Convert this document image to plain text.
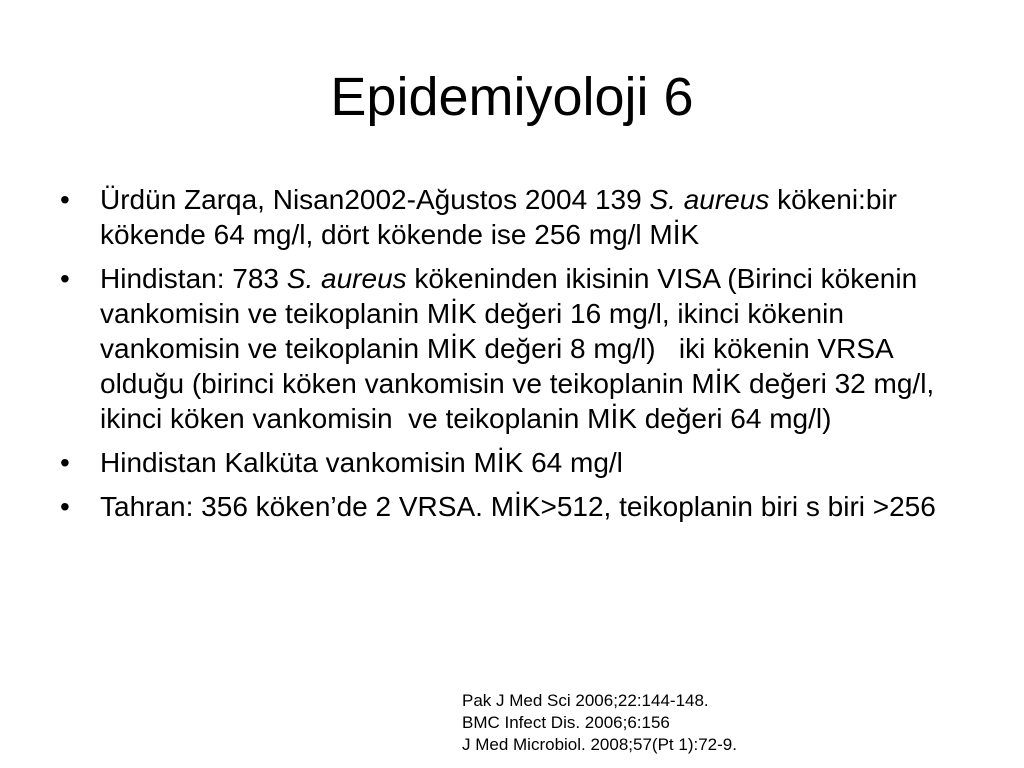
Epidemiyoloji 6
•	Ürdün Zarqa, Nisan2002-Ağustos 2004 139 S. aureus kökeni:bir kökende 64 mg/l, dört kökende ise 256 mg/l MİK
•	Hindistan: 783 S. aureus kökeninden ikisinin VISA (Birinci kökenin vankomisin ve teikoplanin MİK değeri 16 mg/l, ikinci kökenin vankomisin ve teikoplanin MİK değeri 8 mg/l)   iki kökenin VRSA olduğu (birinci köken vankomisin ve teikoplanin MİK değeri 32 mg/l, ikinci köken vankomisin  ve teikoplanin MİK değeri 64 mg/l)
•	Hindistan Kalküta vankomisin MİK 64 mg/l
•	Tahran: 356 köken’de 2 VRSA. MİK>512, teikoplanin biri s biri >256
Pak J Med Sci 2006;22:144-148.
BMC Infect Dis. 2006;6:156
J Med Microbiol. 2008;57(Pt 1):72-9.
